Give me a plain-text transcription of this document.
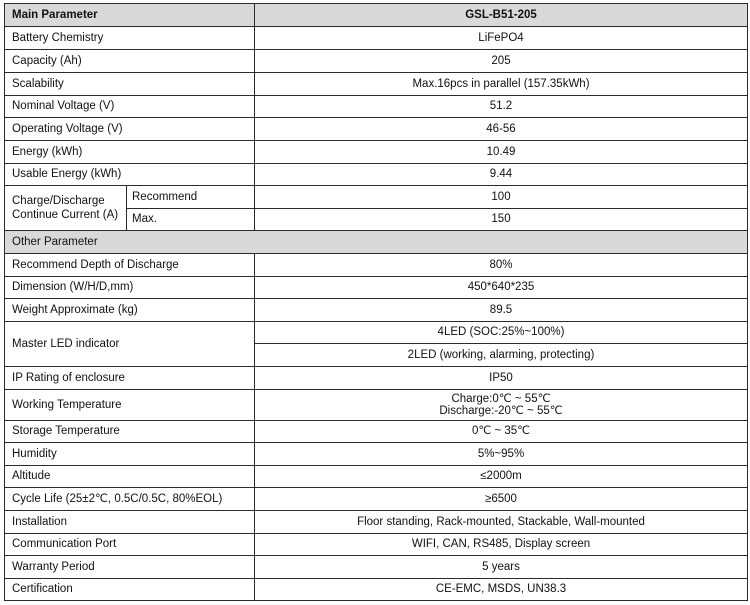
Main Parameter		GSL-B51-205
Battery Chemistry		LiFePO4
Capacity (Ah)		205
Scalability		Max.16pcs in parallel (157.35kWh)
Nominal Voltage (V)		51.2
Operating Voltage (V)		46-56
Energy (kWh)		10.49
Usable Energy (kWh)		9.44
Charge/Discharge Continue Current (A)	Recommend	100
	Max.	150
Other Parameter		
Recommend Depth of Discharge		80%
Dimension (W/H/D,mm)		450*640*235
Weight Approximate (kg)		89.5
Master LED indicator		4LED (SOC:25%~100%)
		2LED (working, alarming, protecting)
IP Rating of enclosure		IP50
Working Temperature		Charge:0℃ ~ 55℃
Discharge:-20℃ ~ 55℃

Storage Temperature		0℃ ~ 35℃
Humidity		5%~95%
Altitude		≤2000m
Cycle Life (25±2℃, 0.5C/0.5C, 80%EOL)		≥6500
Installation		Floor standing, Rack-mounted, Stackable, Wall-mounted
Communication Port		WIFI, CAN, RS485, Display screen
Warranty Period		5 years
Certification		CE-EMC, MSDS, UN38.3
